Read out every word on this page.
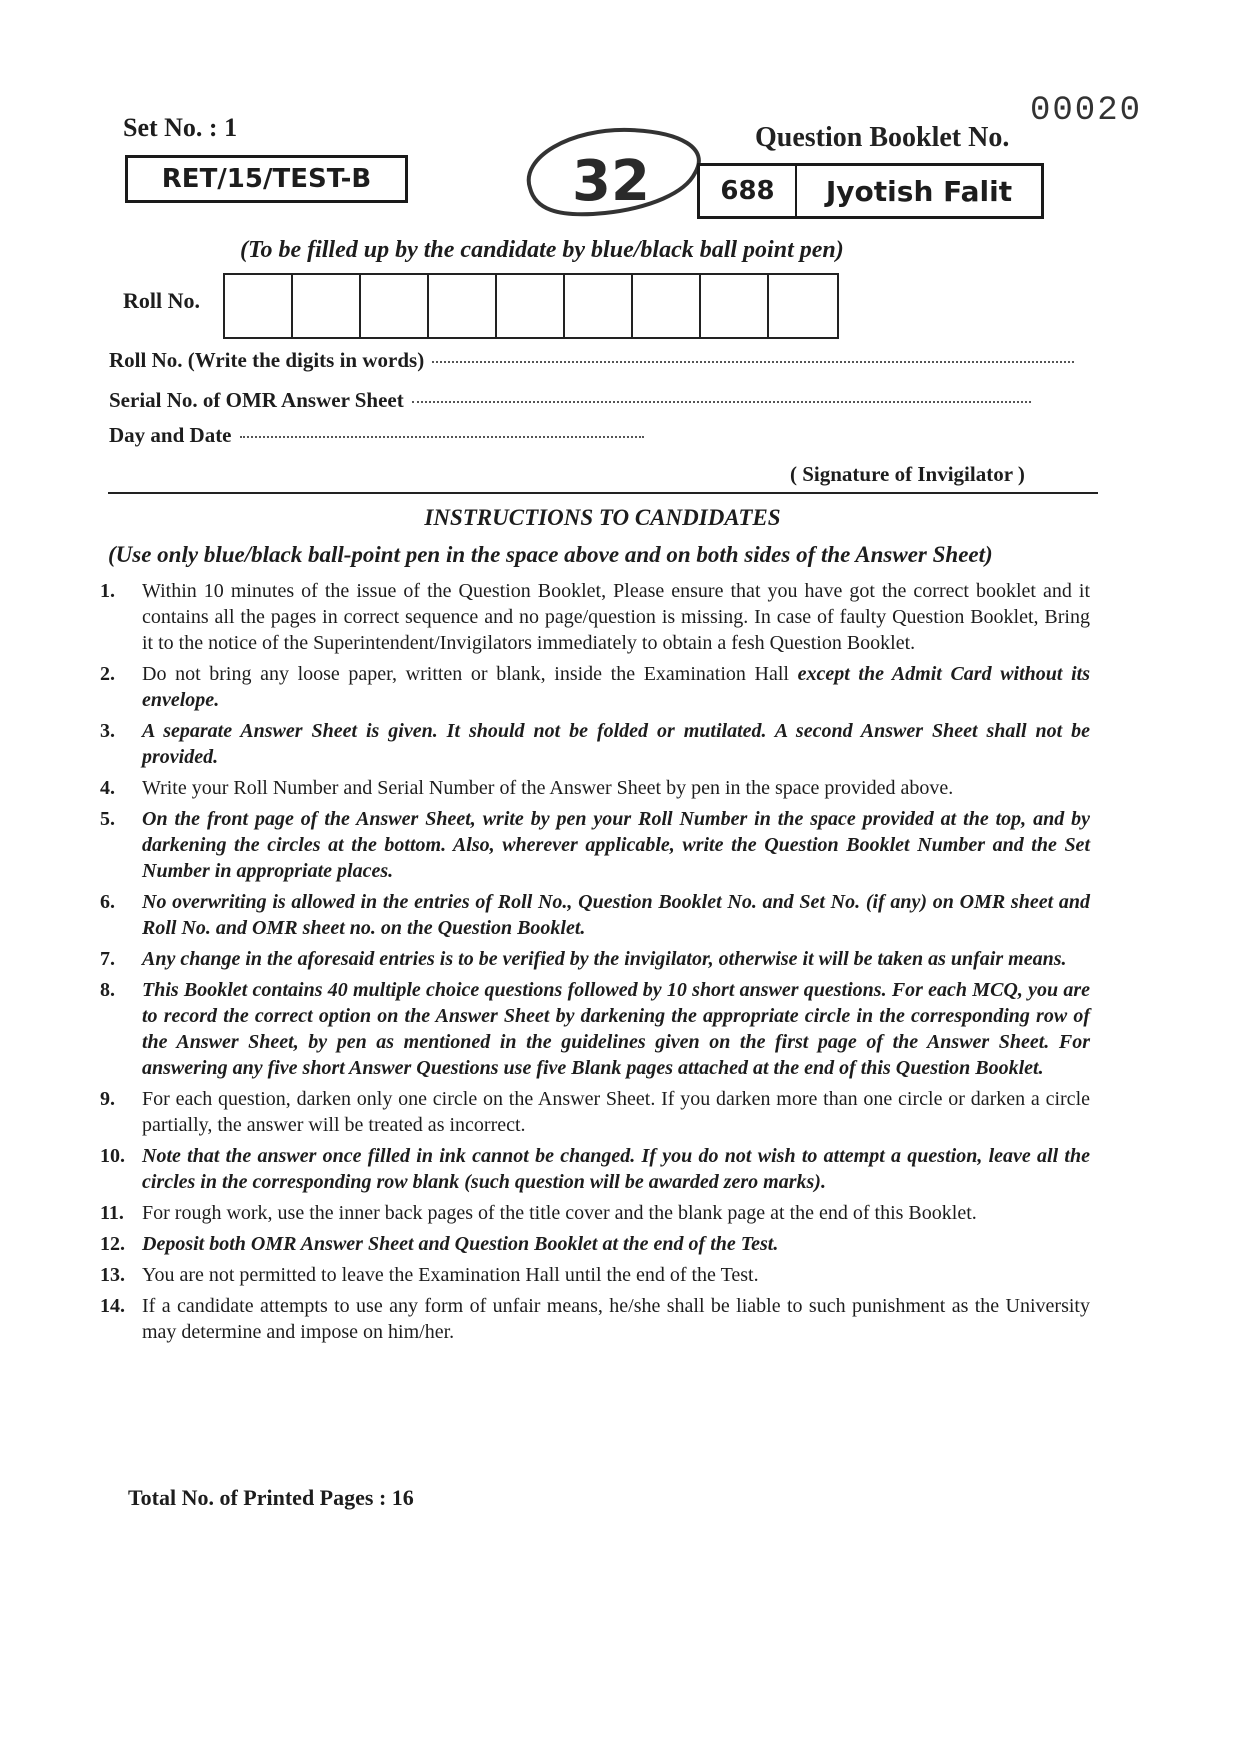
00020
Set No. : 1	Question Booklet No.
RET/15/TEST-B	32	688	Jyotish Falit
(To be filled up by the candidate by blue/black ball point pen)
Roll No.
Roll No. (Write the digits in words)
Serial No. of OMR Answer Sheet
Day and Date
( Signature of Invigilator )
INSTRUCTIONS TO CANDIDATES
(Use only blue/black ball-point pen in the space above and on both sides of the Answer Sheet)
1.	Within 10 minutes of the issue of the Question Booklet, Please ensure that you have got the correct booklet and it contains all the pages in correct sequence and no page/question is missing. In case of faulty Question Booklet, Bring it to the notice of the Superintendent/Invigilators immediately to obtain a fesh Question Booklet.
2.	Do not bring any loose paper, written or blank, inside the Examination Hall except the Admit Card without its envelope.
3.	A separate Answer Sheet is given. It should not be folded or mutilated. A second Answer Sheet shall not be provided.
4.	Write your Roll Number and Serial Number of the Answer Sheet by pen in the space provided above.
5.	On the front page of the Answer Sheet, write by pen your Roll Number in the space provided at the top, and by darkening the circles at the bottom. Also, wherever applicable, write the Question Booklet Number and the Set Number in appropriate places.
6.	No overwriting is allowed in the entries of Roll No., Question Booklet No. and Set No. (if any) on OMR sheet and Roll No. and OMR sheet no. on the Question Booklet.
7.	Any change in the aforesaid entries is to be verified by the invigilator, otherwise it will be taken as unfair means.
8.	This Booklet contains 40 multiple choice questions followed by 10 short answer questions. For each MCQ, you are to record the correct option on the Answer Sheet by darkening the appropriate circle in the corresponding row of the Answer Sheet, by pen as mentioned in the guidelines given on the first page of the Answer Sheet. For answering any five short Answer Questions use five Blank pages attached at the end of this Question Booklet.
9.	For each question, darken only one circle on the Answer Sheet. If you darken more than one circle or darken a circle partially, the answer will be treated as incorrect.
10. Note that the answer once filled in ink cannot be changed. If you do not wish to attempt a question, leave all the circles in the corresponding row blank (such question will be awarded zero marks).
11. For rough work, use the inner back pages of the title cover and the blank page at the end of this Booklet.
12. Deposit both OMR Answer Sheet and Question Booklet at the end of the Test.
13. You are not permitted to leave the Examination Hall until the end of the Test.
14. If a candidate attempts to use any form of unfair means, he/she shall be liable to such punishment as the University may determine and impose on him/her.
Total No. of Printed Pages : 16
